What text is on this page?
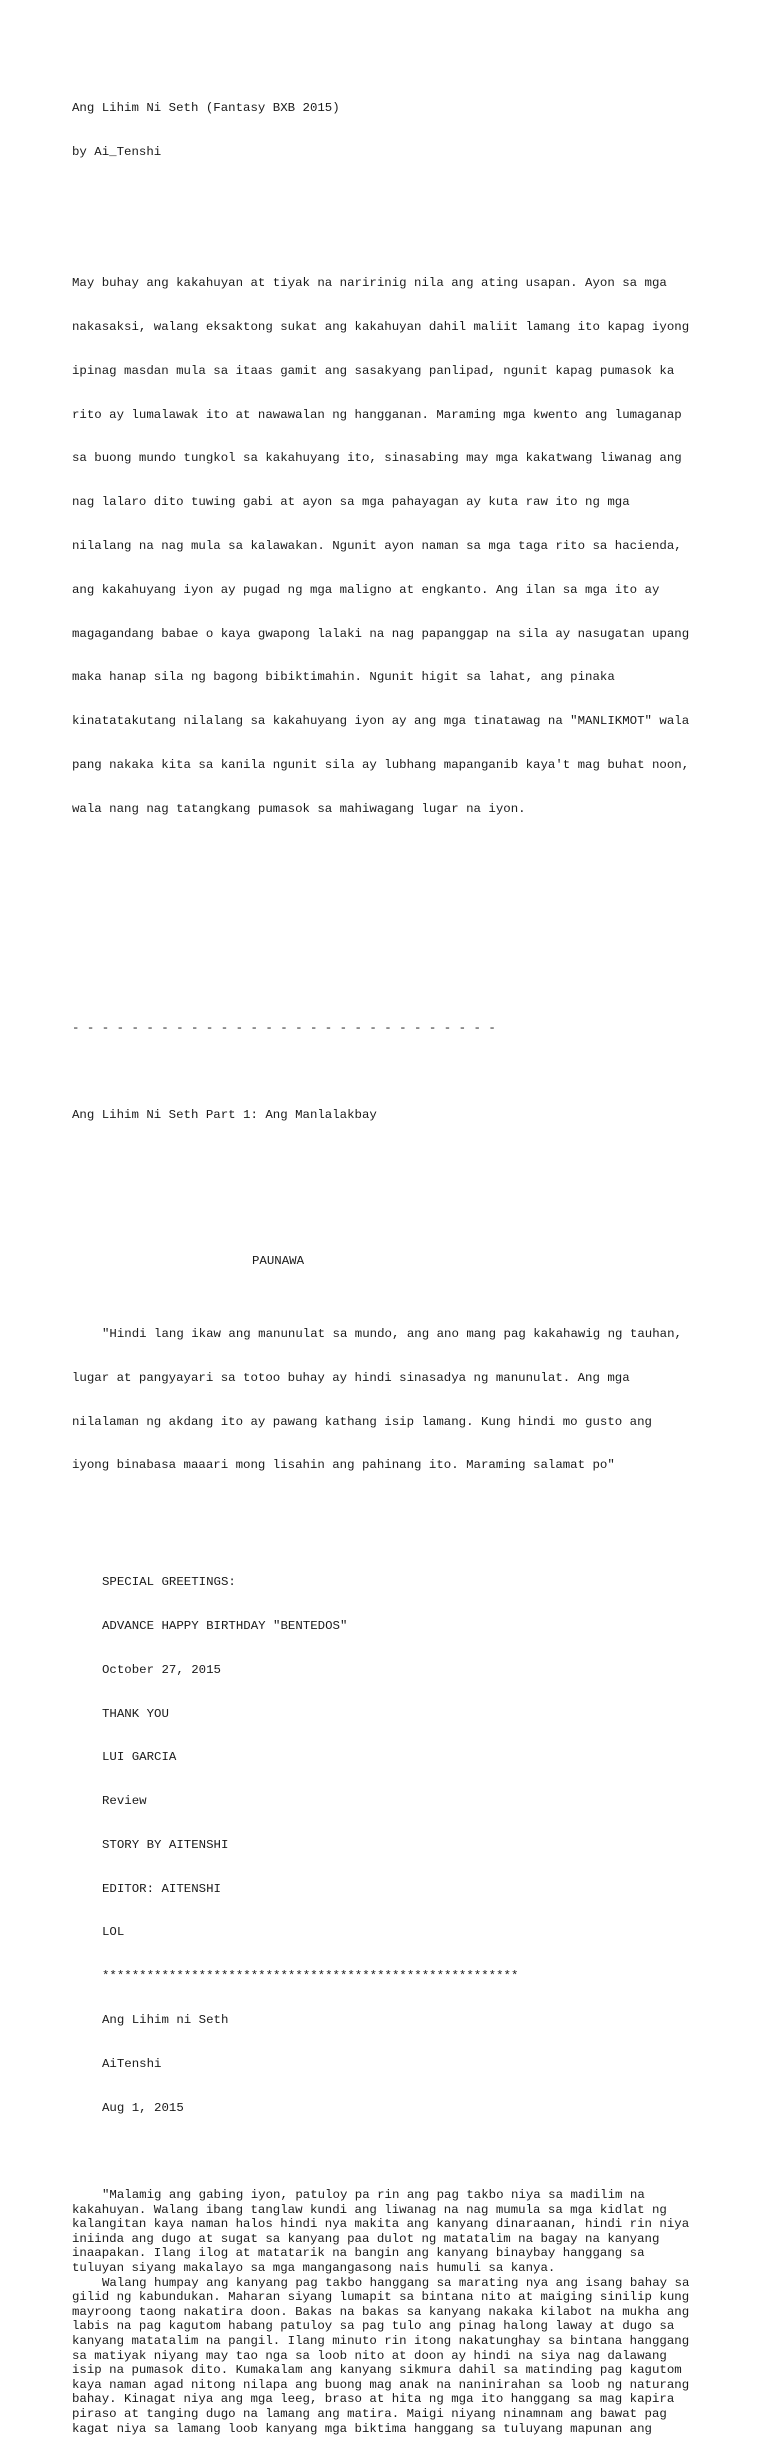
Ang Lihim Ni Seth (Fantasy BXB 2015)

by Ai_Tenshi

May buhay ang kakahuyan at tiyak na naririnig nila ang ating usapan. Ayon sa mga

nakasaksi, walang eksaktong sukat ang kakahuyan dahil maliit lamang ito kapag iyong

ipinag masdan mula sa itaas gamit ang sasakyang panlipad, ngunit kapag pumasok ka

rito ay lumalawak ito at nawawalan ng hangganan. Maraming mga kwento ang lumaganap

sa buong mundo tungkol sa kakahuyang ito, sinasabing may mga kakatwang liwanag ang

nag lalaro dito tuwing gabi at ayon sa mga pahayagan ay kuta raw ito ng mga

nilalang na nag mula sa kalawakan. Ngunit ayon naman sa mga taga rito sa hacienda,

ang kakahuyang iyon ay pugad ng mga maligno at engkanto. Ang ilan sa mga ito ay

magagandang babae o kaya gwapong lalaki na nag papanggap na sila ay nasugatan upang

maka hanap sila ng bagong bibiktimahin. Ngunit higit sa lahat, ang pinaka

kinatatakutang nilalang sa kakahuyang iyon ay ang mga tinatawag na "MANLIKMOT" wala

pang nakaka kita sa kanila ngunit sila ay lubhang mapanganib kaya't mag buhat noon,

wala nang nag tatangkang pumasok sa mahiwagang lugar na iyon.

- - - - - - - - - - - - - - - - - - - - - - - - - - - - -

Ang Lihim Ni Seth Part 1: Ang Manlalakbay

PAUNAWA

"Hindi lang ikaw ang manunulat sa mundo, ang ano mang pag kakahawig ng tauhan,

lugar at pangyayari sa totoo buhay ay hindi sinasadya ng manunulat. Ang mga

nilalaman ng akdang ito ay pawang kathang isip lamang. Kung hindi mo gusto ang

iyong binabasa maaari mong lisahin ang pahinang ito. Maraming salamat po"

SPECIAL GREETINGS:

ADVANCE HAPPY BIRTHDAY "BENTEDOS"

October 27, 2015

THANK YOU

LUI GARCIA

Review

STORY BY AITENSHI

EDITOR: AITENSHI

LOL

********************************************************

Ang Lihim ni Seth

AiTenshi

Aug 1, 2015

"Malamig ang gabing iyon, patuloy pa rin ang pag takbo niya sa madilim na
kakahuyan. Walang ibang tanglaw kundi ang liwanag na nag mumula sa mga kidlat ng
kalangitan kaya naman halos hindi nya makita ang kanyang dinaraanan, hindi rin niya
iniinda ang dugo at sugat sa kanyang paa dulot ng matatalim na bagay na kanyang
inaapakan. Ilang ilog at matatarik na bangin ang kanyang binaybay hanggang sa
tuluyan siyang makalayo sa mga mangangasong nais humuli sa kanya.
Walang humpay ang kanyang pag takbo hanggang sa marating nya ang isang bahay sa
gilid ng kabundukan. Maharan siyang lumapit sa bintana nito at maiging sinilip kung
mayroong taong nakatira doon. Bakas na bakas sa kanyang nakaka kilabot na mukha ang
labis na pag kagutom habang patuloy sa pag tulo ang pinag halong laway at dugo sa
kanyang matatalim na pangil. Ilang minuto rin itong nakatunghay sa bintana hanggang
sa matiyak niyang may tao nga sa loob nito at doon ay hindi na siya nag dalawang
isip na pumasok dito. Kumakalam ang kanyang sikmura dahil sa matinding pag kagutom
kaya naman agad nitong nilapa ang buong mag anak na naninirahan sa loob ng naturang
bahay. Kinagat niya ang mga leeg, braso at hita ng mga ito hanggang sa mag kapira
piraso at tanging dugo na lamang ang matira. Maigi niyang ninamnam ang bawat pag
kagat niya sa lamang loob kanyang mga biktima hanggang sa tuluyang mapunan ang
